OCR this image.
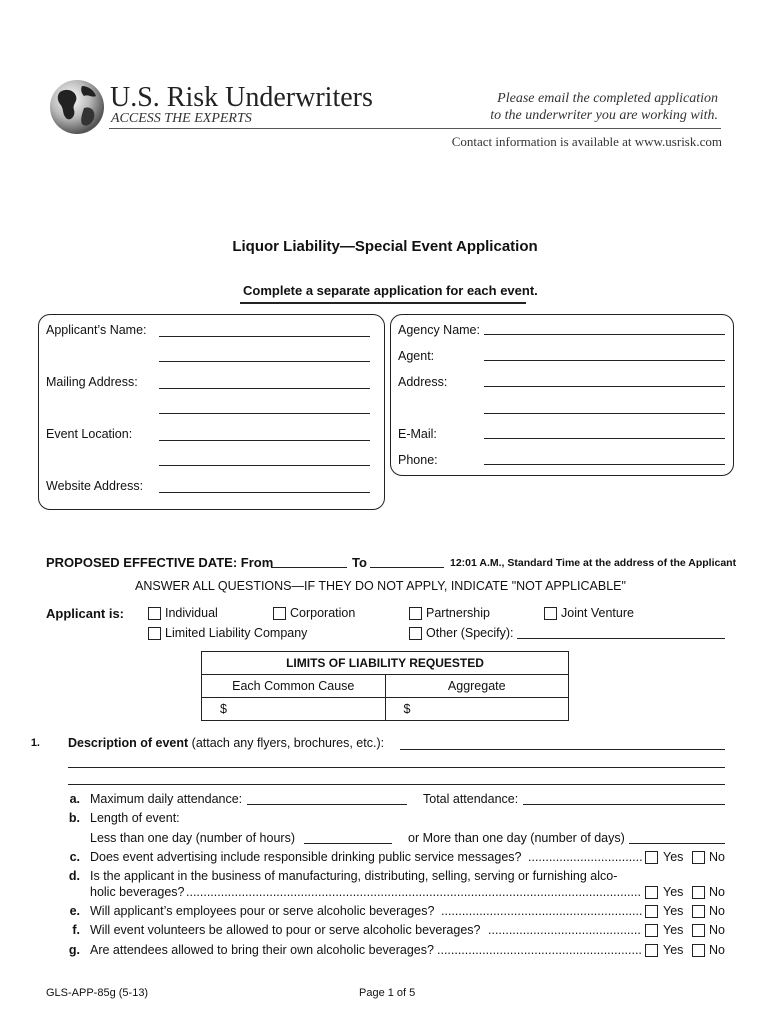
U.S. Risk Underwriters
ACCESS THE EXPERTS
Please email the completed application
to the underwriter you are working with.
Contact information is available at www.usrisk.com
Liquor Liability—Special Event Application
Complete a separate application for each event.
Applicant’s Name:
Mailing Address:
Event Location:
Website Address:
Agency Name:
Agent:
Address:
E-Mail:
Phone:
PROPOSED EFFECTIVE DATE: From	To	12:01 A.M., Standard Time at the address of the Applicant
ANSWER ALL QUESTIONS—IF THEY DO NOT APPLY, INDICATE "NOT APPLICABLE"
Applicant is:	Individual	Corporation	Partnership	Joint Venture
Limited Liability Company	Other (Specify):
LIMITS OF LIABILITY REQUESTED	
Each Common Cause	Aggregate
$	$
1. Description of event (attach any flyers, brochures, etc.):
a. Maximum daily attendance:	Total attendance:
b. Length of event:
Less than one day (number of hours)	or More than one day (number of days)
c. Does event advertising include responsible drinking public service messages? .....	Yes No
d. Is the applicant in the business of manufacturing, distributing, selling, serving or furnishing alco-
holic beverages? .....	Yes No
e. Will applicant’s employees pour or serve alcoholic beverages? .....	Yes No
f. Will event volunteers be allowed to pour or serve alcoholic beverages? .....	Yes No
g. Are attendees allowed to bring their own alcoholic beverages? .....	Yes No
GLS-APP-85g (5-13)	Page 1 of 5
